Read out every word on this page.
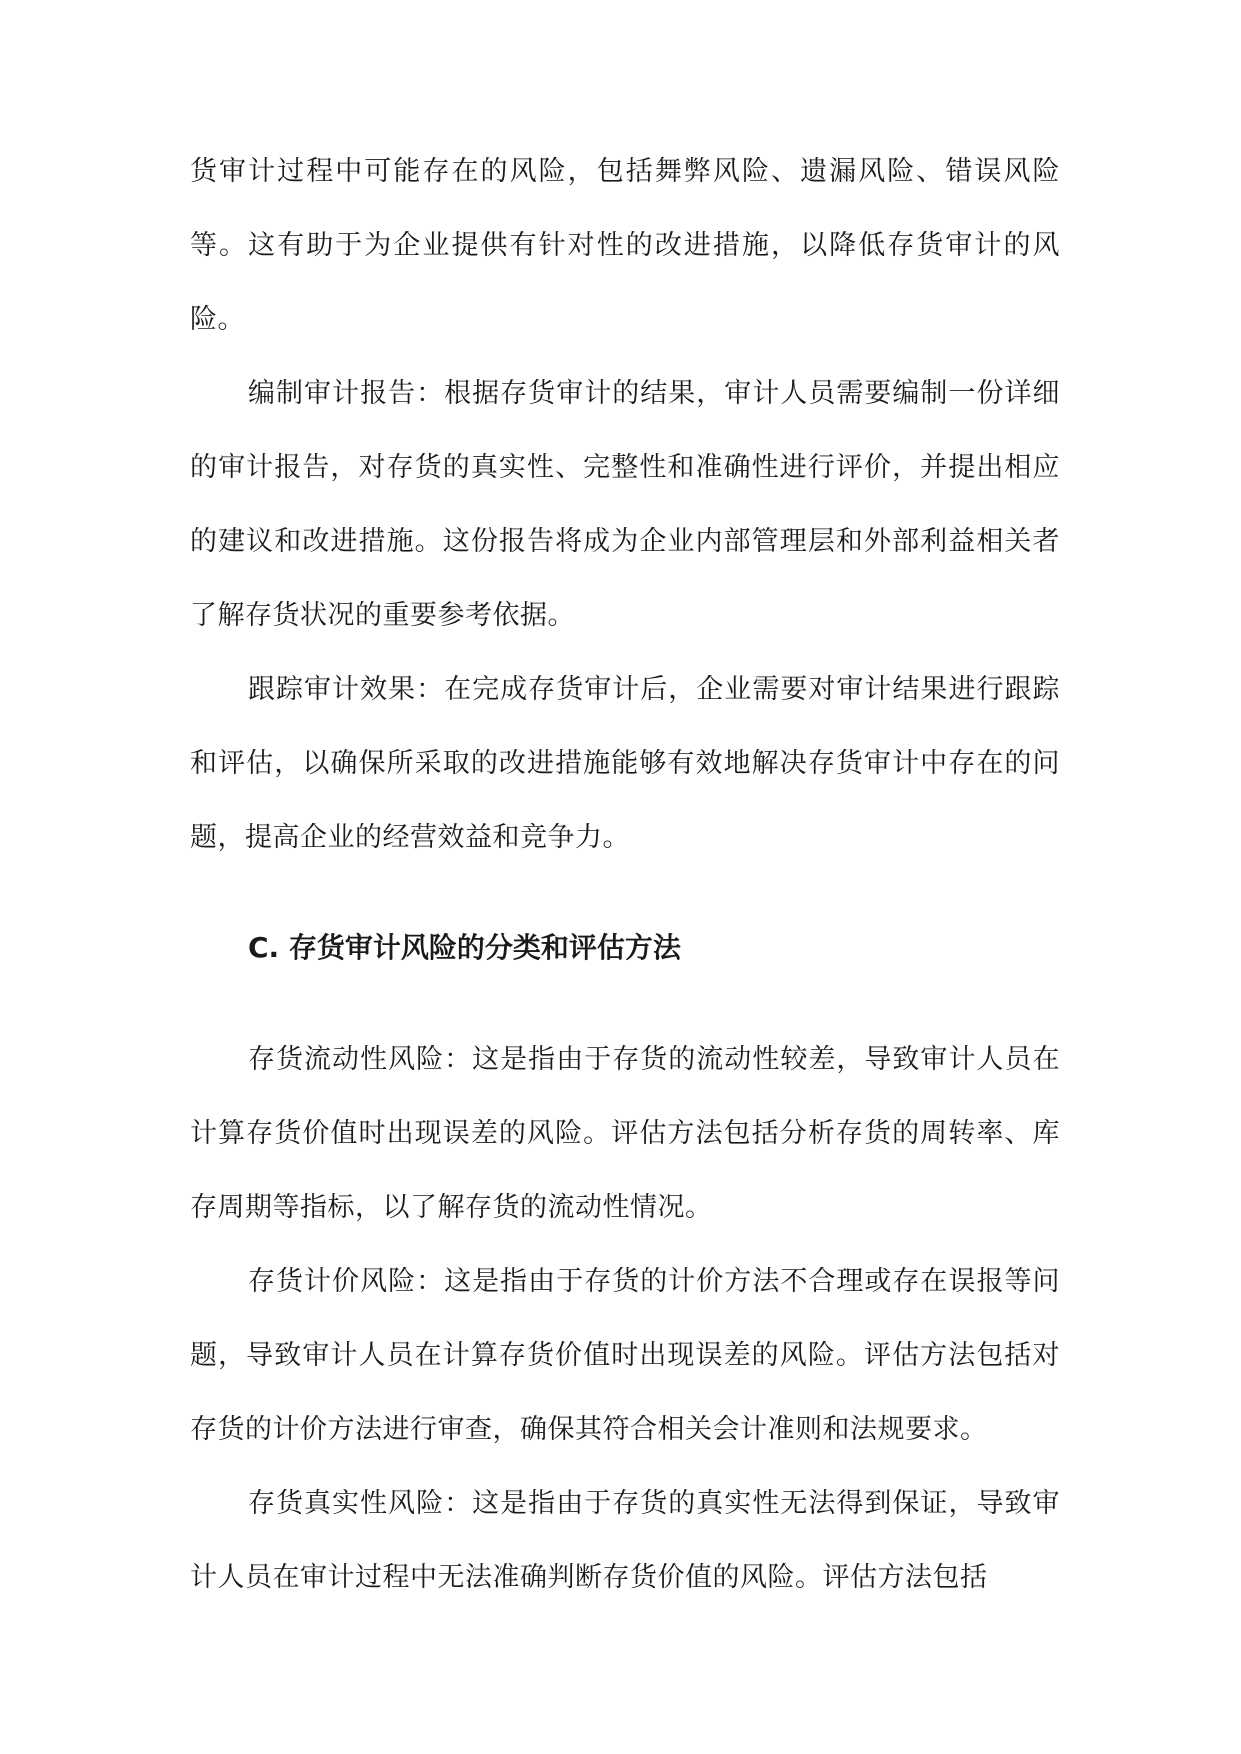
货审计过程中可能存在的风险，包括舞弊风险、遗漏风险、错误风险等。这有助于为企业提供有针对性的改进措施，以降低存货审计的风险。

编制审计报告：根据存货审计的结果，审计人员需要编制一份详细的审计报告，对存货的真实性、完整性和准确性进行评价，并提出相应的建议和改进措施。这份报告将成为企业内部管理层和外部利益相关者了解存货状况的重要参考依据。

跟踪审计效果：在完成存货审计后，企业需要对审计结果进行跟踪和评估，以确保所采取的改进措施能够有效地解决存货审计中存在的问题，提高企业的经营效益和竞争力。

C. 存货审计风险的分类和评估方法

存货流动性风险：这是指由于存货的流动性较差，导致审计人员在计算存货价值时出现误差的风险。评估方法包括分析存货的周转率、库存周期等指标，以了解存货的流动性情况。

存货计价风险：这是指由于存货的计价方法不合理或存在误报等问题，导致审计人员在计算存货价值时出现误差的风险。评估方法包括对存货的计价方法进行审查，确保其符合相关会计准则和法规要求。

存货真实性风险：这是指由于存货的真实性无法得到保证，导致审计人员在审计过程中无法准确判断存货价值的风险。评估方法包括
